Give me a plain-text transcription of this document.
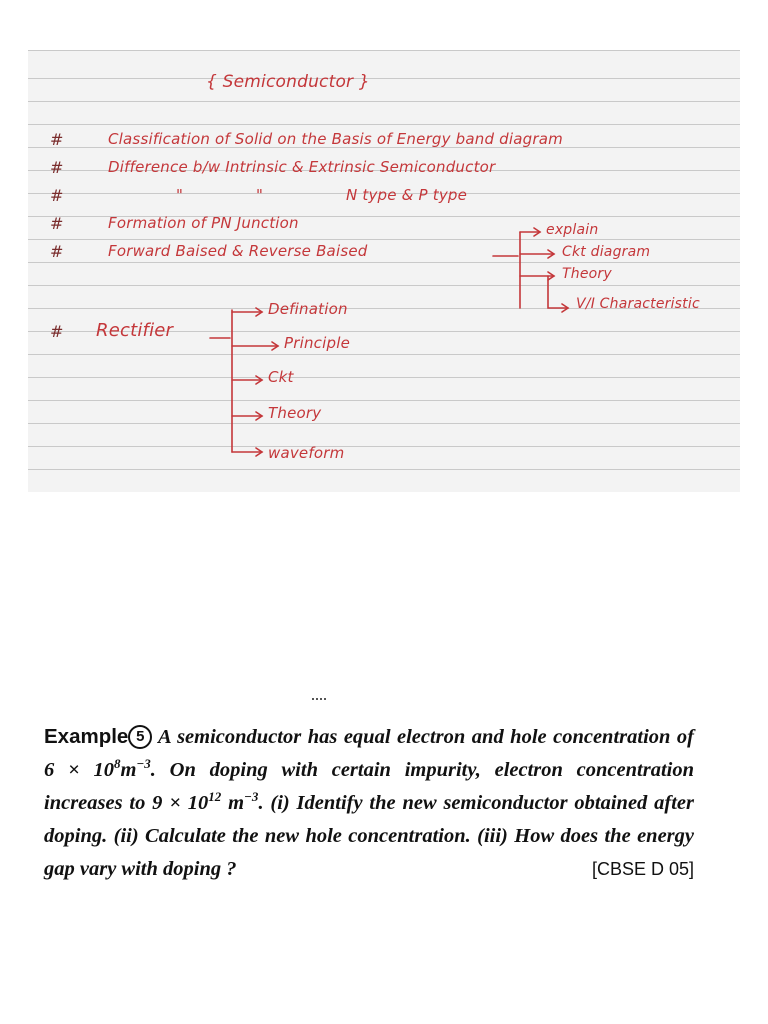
{ Semiconductor }
#	Classification of Solid on the Basis of Energy band diagram
#	Difference b/w Intrinsic & Extrinsic Semiconductor
#	"	"	N type & P type
#	Formation of PN Junction
#	Forward Baised & Reverse Baised
explain
Ckt diagram
Theory
V/I Characteristic
# Rectifier
Defination
Principle
Ckt
Theory
waveform
Example 5 A semiconductor has equal electron and hole concentration of $6 \times 10^8m^{-3}$. On doping with certain impurity, electron concentration increases to $9 \times 10^{12}$ $m^{-3}$. (i) Identify the new semiconductor obtained after doping. (ii) Calculate the new hole concentration. (iii) How does the energy gap vary with doping ?	[CBSE D 05]
